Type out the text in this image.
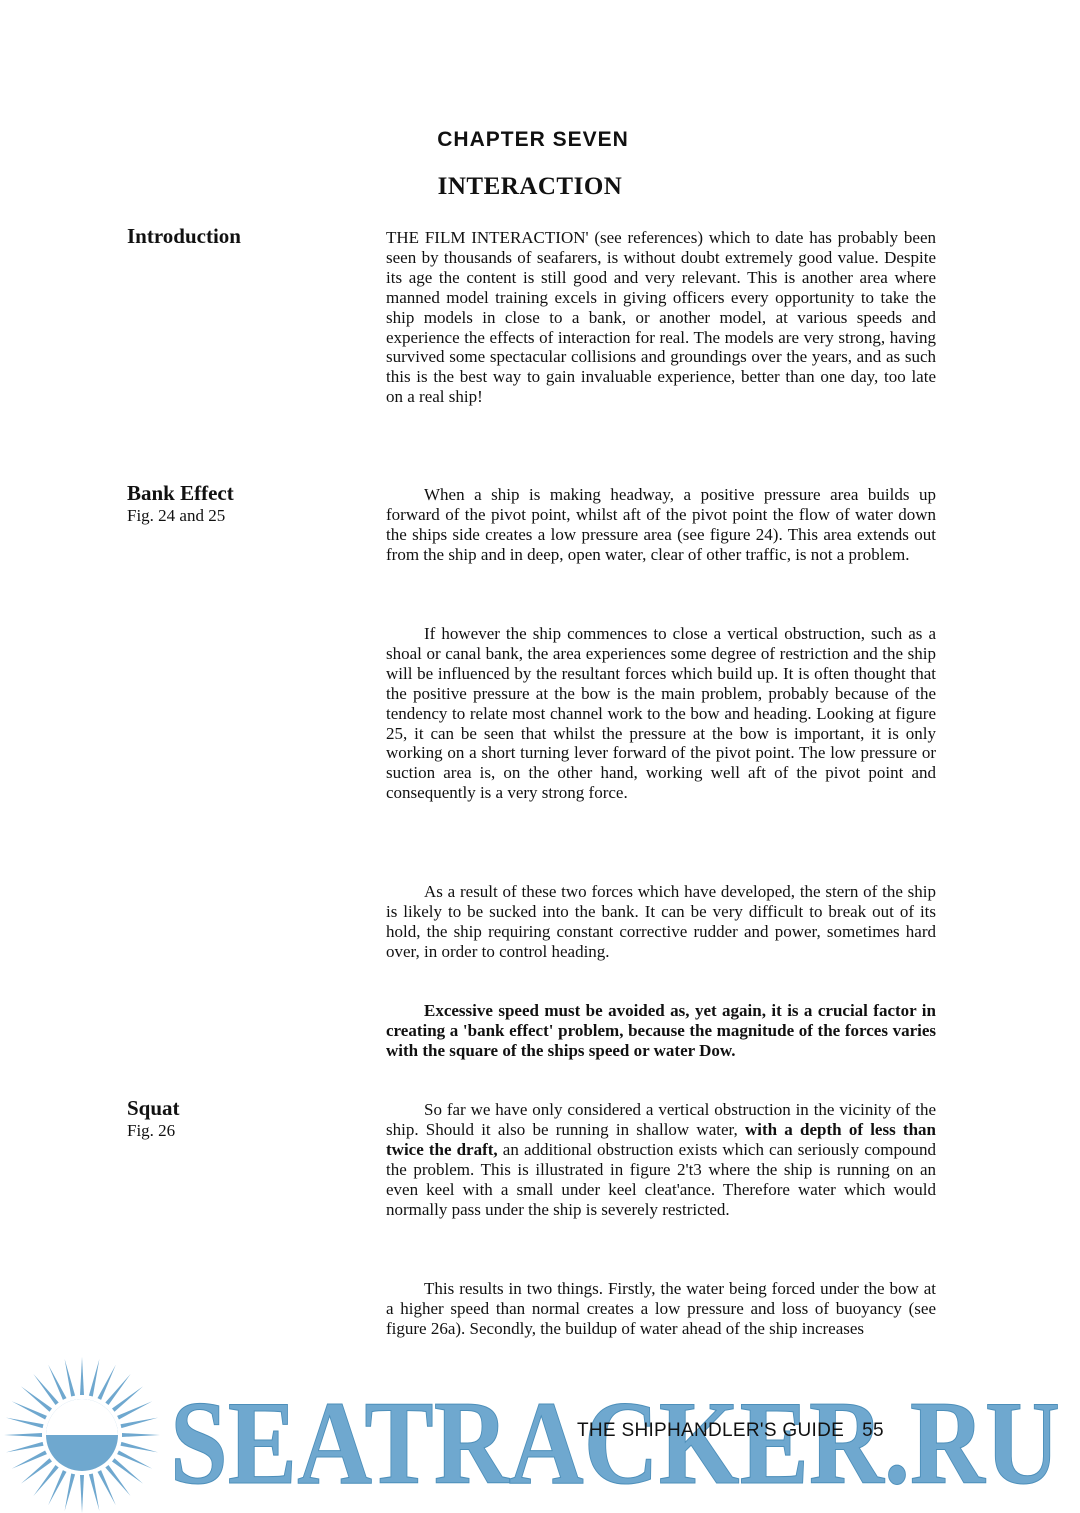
CHAPTER SEVEN
INTERACTION
Introduction	THE FILM INTERACTION' (see references) which to date has probably been seen by thousands of seafarers, is without doubt extremely good value. Despite its age the content is still good and very relevant. This is another area where manned model training excels in giving officers every opportunity to take the ship models in close to a bank, or another model, at various speeds and experience the effects of interaction for real. The models are very strong, having survived some spectacular collisions and groundings over the years, and as such this is the best way to gain invaluable experience, better than one day, too late on a real ship!

Bank Effect
Fig. 24 and 25

When a ship is making headway, a positive pressure area builds up forward of the pivot point, whilst aft of the pivot point the flow of water down the ships side creates a low pressure area (see figure 24). This area extends out from the ship and in deep, open water, clear of other traffic, is not a problem.

If however the ship commences to close a vertical obstruction, such as a shoal or canal bank, the area experiences some degree of restriction and the ship will be influenced by the resultant forces which build up. It is often thought that the positive pressure at the bow is the main problem, probably because of the tendency to relate most channel work to the bow and heading. Looking at figure 25, it can be seen that whilst the pressure at the bow is important, it is only working on a short turning lever forward of the pivot point. The low pressure or suction area is, on the other hand, working well aft of the pivot point and consequently is a very strong force.

As a result of these two forces which have developed, the stern of the ship is likely to be sucked into the bank. It can be very difficult to break out of its hold, the ship requiring constant corrective rudder and power, sometimes hard over, in order to control heading.

Excessive speed must be avoided as, yet again, it is a crucial factor in creating a 'bank effect' problem, because the magnitude of the forces varies with the square of the ships speed or water Dow.

Squat
Fig. 26

So far we have only considered a vertical obstruction in the vicinity of the ship. Should it also be running in shallow water, with a depth of less than twice the draft, an additional obstruction exists which can seriously compound the problem. This is illustrated in figure 2't3 where the ship is running on an even keel with a small under keel cleat'ance. Therefore water which would normally pass under the ship is severely restricted.

This results in two things. Firstly, the water being forced under the bow at a higher speed than normal creates a low pressure and loss of buoyancy (see figure 26a). Secondly, the buildup of water ahead of the ship increases

SEATRACKER.RU
THE SHIPHANDLER'S GUIDE 55
